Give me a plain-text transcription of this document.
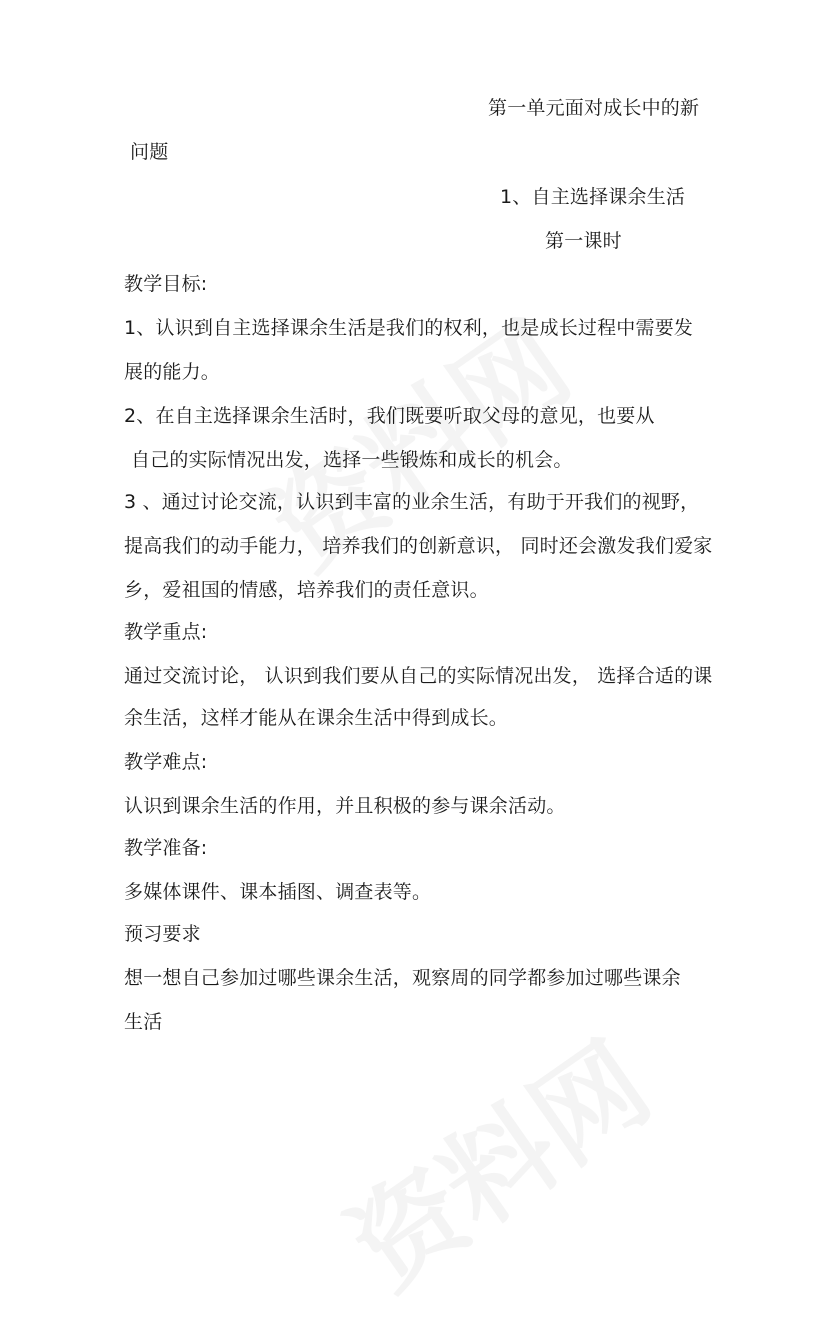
第一单元面对成长中的新
问题
1、自主选择课余生活
第一课时
教学目标:
1、认识到自主选择课余生活是我们的权利，也是成长过程中需要发
展的能力。
2、在自主选择课余生活时，我们既要听取父母的意见，也要从
自己的实际情况出发，选择一些锻炼和成长的机会。
3 、通过讨论交流，认识到丰富的业余生活，有助于开我们的视野，
提高我们的动手能力， 培养我们的创新意识， 同时还会激发我们爱家
乡，爱祖国的情感，培养我们的责任意识。
教学重点:
通过交流讨论， 认识到我们要从自己的实际情况出发， 选择合适的课
余生活，这样才能从在课余生活中得到成长。
教学难点:
认识到课余生活的作用，并且积极的参与课余活动。
教学准备:
多媒体课件、课本插图、调查表等。
预习要求
想一想自己参加过哪些课余生活，观察周的同学都参加过哪些课余
生活
